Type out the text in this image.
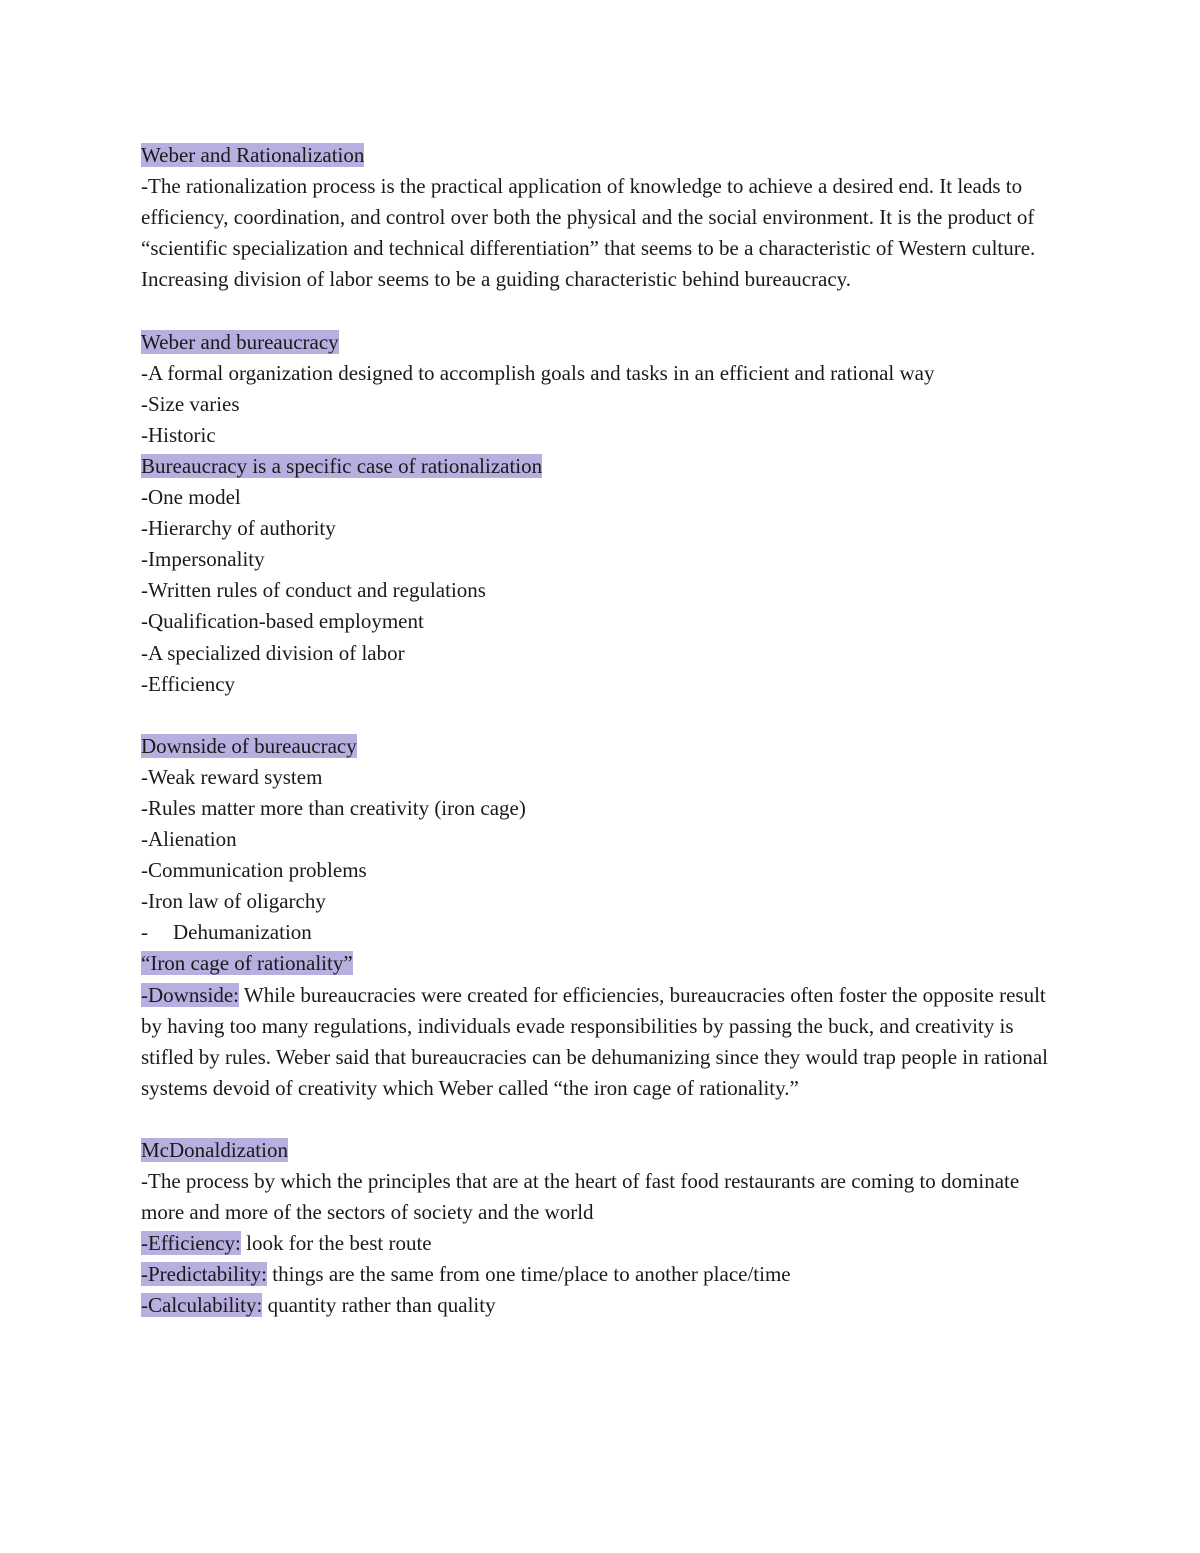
Weber and Rationalization
-The rationalization process is the practical application of knowledge to achieve a desired end. It leads to efficiency, coordination, and control over both the physical and the social environment. It is the product of “scientific specialization and technical differentiation” that seems to be a characteristic of Western culture. Increasing division of labor seems to be a guiding characteristic behind bureaucracy.
Weber and bureaucracy
-A formal organization designed to accomplish goals and tasks in an efficient and rational way
-Size varies
-Historic
Bureaucracy is a specific case of rationalization
-One model
-Hierarchy of authority
-Impersonality
-Written rules of conduct and regulations
-Qualification-based employment
-A specialized division of labor
-Efficiency
Downside of bureaucracy
-Weak reward system
-Rules matter more than creativity (iron cage)
-Alienation
-Communication problems
-Iron law of oligarchy
- Dehumanization
“Iron cage of rationality”
-Downside: While bureaucracies were created for efficiencies, bureaucracies often foster the opposite result by having too many regulations, individuals evade responsibilities by passing the buck, and creativity is stifled by rules. Weber said that bureaucracies can be dehumanizing since they would trap people in rational systems devoid of creativity which Weber called “the iron cage of rationality.”
McDonaldization
-The process by which the principles that are at the heart of fast food restaurants are coming to dominate more and more of the sectors of society and the world
-Efficiency: look for the best route
-Predictability: things are the same from one time/place to another place/time
-Calculability: quantity rather than quality
